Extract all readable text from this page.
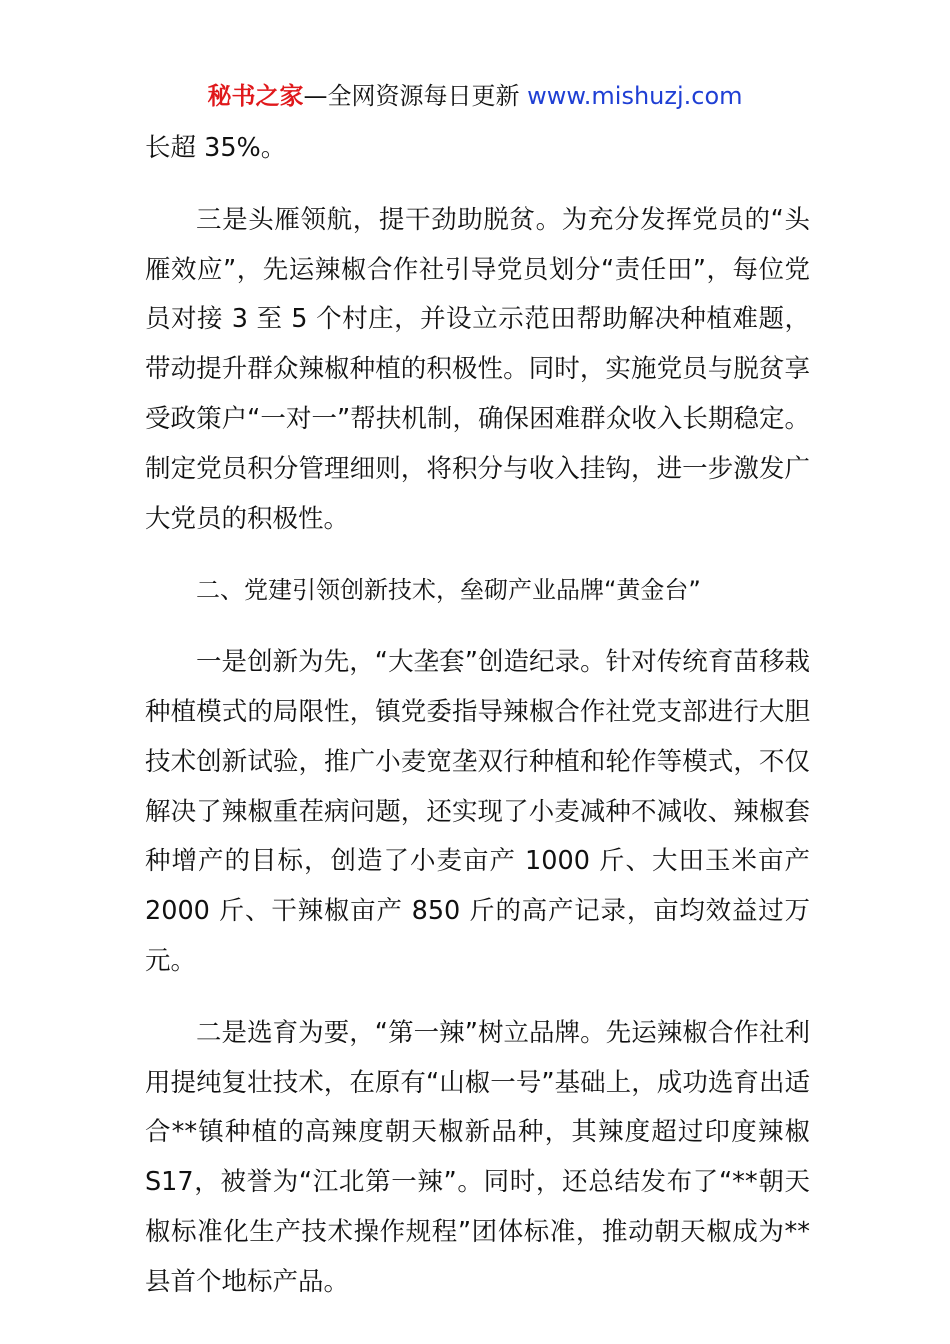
秘书之家—全网资源每日更新 www.mishuzj.com

长超 35%。

三是头雁领航，提干劲助脱贫。为充分发挥党员的“头雁效应”，先运辣椒合作社引导党员划分“责任田”，每位党员对接 3 至 5 个村庄，并设立示范田帮助解决种植难题，带动提升群众辣椒种植的积极性。同时，实施党员与脱贫享受政策户“一对一”帮扶机制，确保困难群众收入长期稳定。制定党员积分管理细则，将积分与收入挂钩，进一步激发广大党员的积极性。

二、党建引领创新技术，垒砌产业品牌“黄金台”

一是创新为先，“大垄套”创造纪录。针对传统育苗移栽种植模式的局限性，镇党委指导辣椒合作社党支部进行大胆技术创新试验，推广小麦宽垄双行种植和轮作等模式，不仅解决了辣椒重茬病问题，还实现了小麦减种不减收、辣椒套种增产的目标，创造了小麦亩产 1000 斤、大田玉米亩产 2000 斤、干辣椒亩产 850 斤的高产记录，亩均效益过万元。

二是选育为要，“第一辣”树立品牌。先运辣椒合作社利用提纯复壮技术，在原有“山椒一号”基础上，成功选育出适合**镇种植的高辣度朝天椒新品种，其辣度超过印度辣椒 S17，被誉为“江北第一辣”。同时，还总结发布了“**朝天椒标准化生产技术操作规程”团体标准，推动朝天椒成为**县首个地标产品。
